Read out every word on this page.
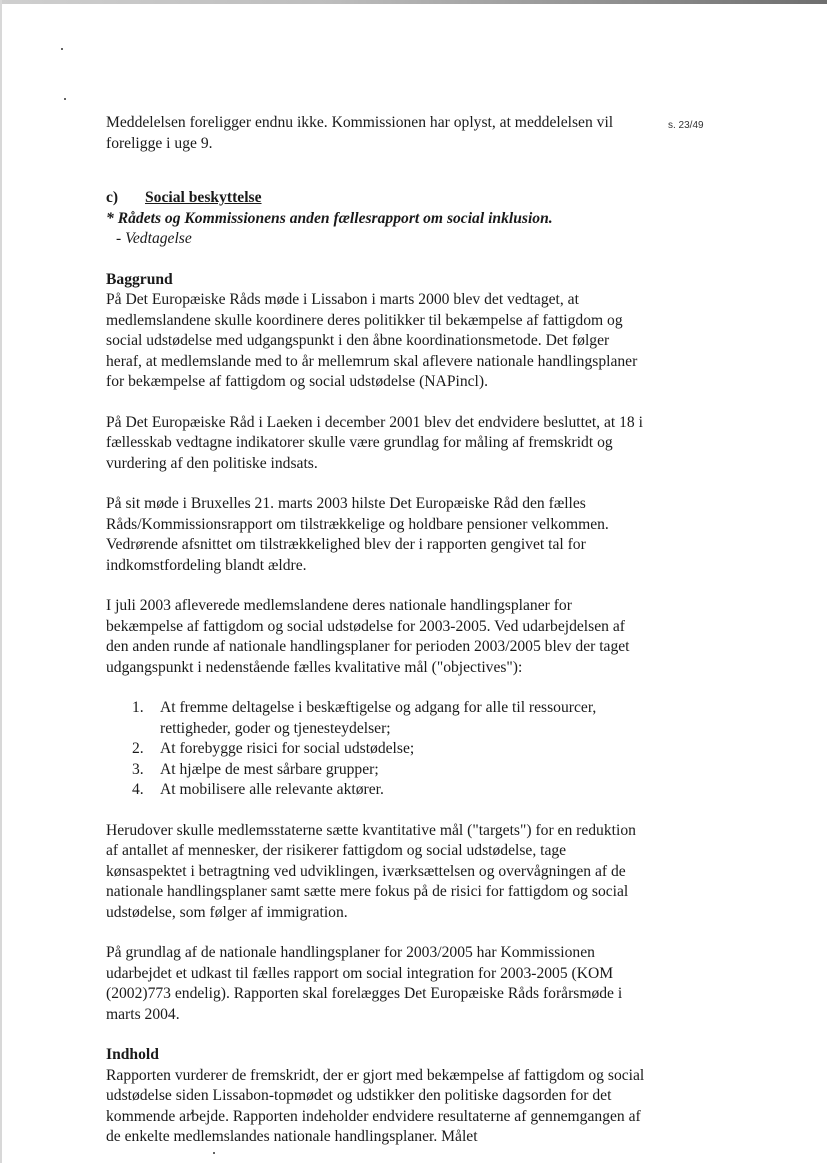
s. 23/49

Meddelelsen foreligger endnu ikke. Kommissionen har oplyst, at meddelelsen vil foreligge i uge 9.

c) Social beskyttelse
* Rådets og Kommissionens anden fællesrapport om social inklusion.
- Vedtagelse
Baggrund

På Det Europæiske Råds møde i Lissabon i marts 2000 blev det vedtaget, at medlemslandene skulle koordinere deres politikker til bekæmpelse af fattigdom og social udstødelse med udgangspunkt i den åbne koordinationsmetode. Det følger heraf, at medlemslande med to år mellemrum skal aflevere nationale handlingsplaner for bekæmpelse af fattigdom og social udstødelse (NAPincl).

På Det Europæiske Råd i Laeken i december 2001 blev det endvidere besluttet, at 18 i fællesskab vedtagne indikatorer skulle være grundlag for måling af fremskridt og vurdering af den politiske indsats.

På sit møde i Bruxelles 21. marts 2003 hilste Det Europæiske Råd den fælles Råds/Kommissionsrapport om tilstrækkelige og holdbare pensioner velkommen. Vedrørende afsnittet om tilstrækkelighed blev der i rapporten gengivet tal for indkomstfordeling blandt ældre.

I juli 2003 afleverede medlemslandene deres nationale handlingsplaner for bekæmpelse af fattigdom og social udstødelse for 2003-2005. Ved udarbejdelsen af den anden runde af nationale handlingsplaner for perioden 2003/2005 blev der taget udgangspunkt i nedenstående fælles kvalitative mål ("objectives"):

1.	At fremme deltagelse i beskæftigelse og adgang for alle til ressourcer, rettigheder, goder og tjenesteydelser;
2.	At forebygge risici for social udstødelse;
3.	At hjælpe de mest sårbare grupper;
4.	At mobilisere alle relevante aktører.

Herudover skulle medlemsstaterne sætte kvantitative mål ("targets") for en reduktion af antallet af mennesker, der risikerer fattigdom og social udstødelse, tage kønsaspektet i betragtning ved udviklingen, iværksættelsen og overvågningen af de nationale handlingsplaner samt sætte mere fokus på de risici for fattigdom og social udstødelse, som følger af immigration.

På grundlag af de nationale handlingsplaner for 2003/2005 har Kommissionen udarbejdet et udkast til fælles rapport om social integration for 2003-2005 (KOM (2002)773 endelig). Rapporten skal forelægges Det Europæiske Råds forårsmøde i marts 2004.

Indhold

Rapporten vurderer de fremskridt, der er gjort med bekæmpelse af fattigdom og social udstødelse siden Lissabon-topmødet og udstikker den politiske dagsorden for det kommende arbejde. Rapporten indeholder endvidere resultaterne af gennemgangen af de enkelte medlemslandes nationale handlingsplaner. Målet
